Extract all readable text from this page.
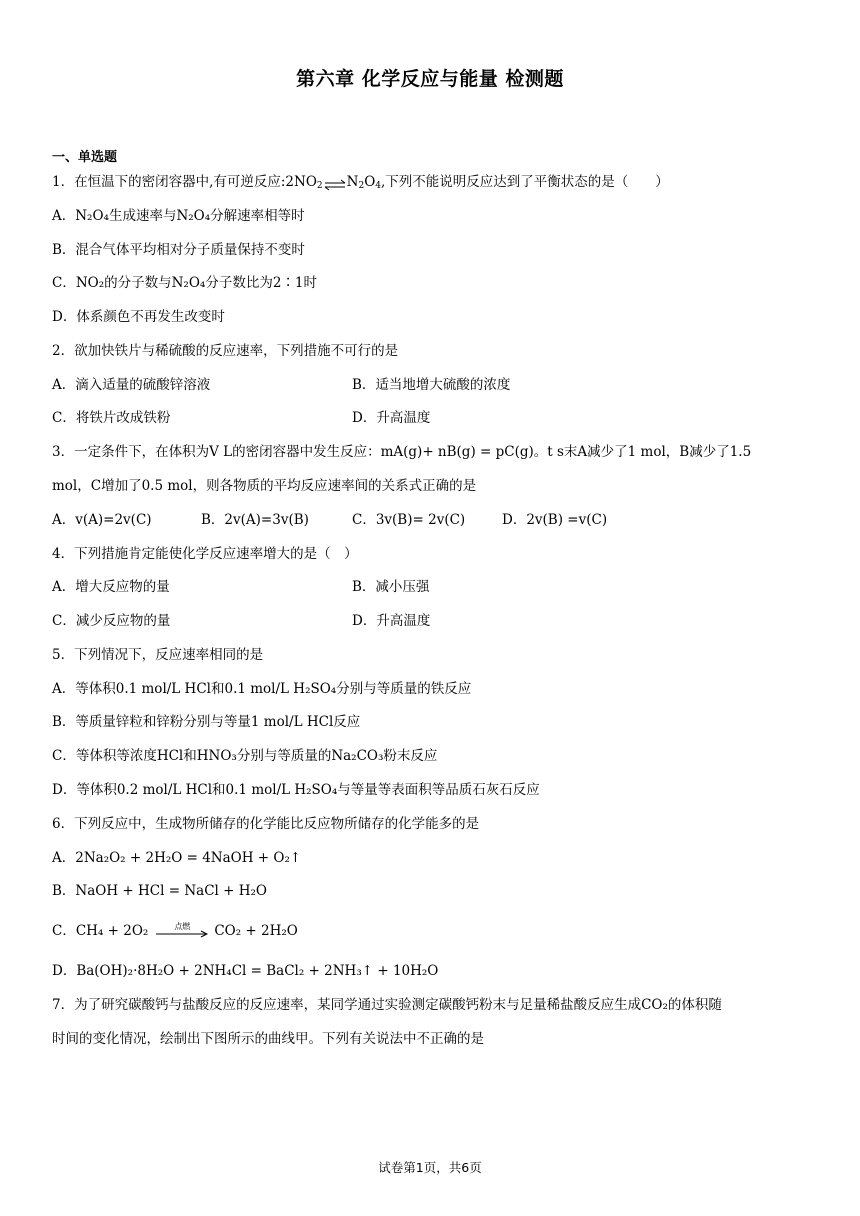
第六章 化学反应与能量 检测题
一、单选题
1．在恒温下的密闭容器中,有可逆反应$:2NO_2\rightleftharpoons N_2O_4$,下列不能说明反应达到了平衡状态的是（　　）
A．N₂O₄生成速率与N₂O₄分解速率相等时
B．混合气体平均相对分子质量保持不变时
C．NO₂的分子数与N₂O₄分子数比为2∶1时
D．体系颜色不再发生改变时
2．欲加快铁片与稀硫酸的反应速率，下列措施不可行的是
A．滴入适量的硫酸锌溶液	B．适当地增大硫酸的浓度
C．将铁片改成铁粉	D．升高温度
3．一定条件下，在体积为V L的密闭容器中发生反应：mA(g)+ nB(g) = pC(g)。t s末A减少了1 mol，B减少了1.5
mol，C增加了0.5 mol，则各物质的平均反应速率间的关系式正确的是
A．v(A)=2v(C)	B．2v(A)=3v(B)	C．3v(B)= 2v(C)	D．2v(B) =v(C)
4．下列措施肯定能使化学反应速率增大的是（　）
A．增大反应物的量	B．减小压强
C．减少反应物的量	D．升高温度
5．下列情况下，反应速率相同的是
A．等体积0.1 mol/L HCl和0.1 mol/L H₂SO₄分别与等质量的铁反应
B．等质量锌粒和锌粉分别与等量1 mol/L HCl反应
C．等体积等浓度HCl和HNO₃分别与等质量的Na₂CO₃粉末反应
D．等体积0.2 mol/L HCl和0.1 mol/L H₂SO₄与等量等表面积等品质石灰石反应
6．下列反应中，生成物所储存的化学能比反应物所储存的化学能多的是
A．2Na₂O₂ + 2H₂O = 4NaOH + O₂↑
B．NaOH + HCl = NaCl + H₂O
C．CH₄ + 2O₂	点燃	CO₂ + 2H₂O
D．Ba(OH)₂·8H₂O + 2NH₄Cl = BaCl₂ + 2NH₃↑ + 10H₂O
7．为了研究碳酸钙与盐酸反应的反应速率，某同学通过实验测定碳酸钙粉末与足量稀盐酸反应生成CO₂的体积随
时间的变化情况，绘制出下图所示的曲线甲。下列有关说法中不正确的是
试卷第1页，共6页
